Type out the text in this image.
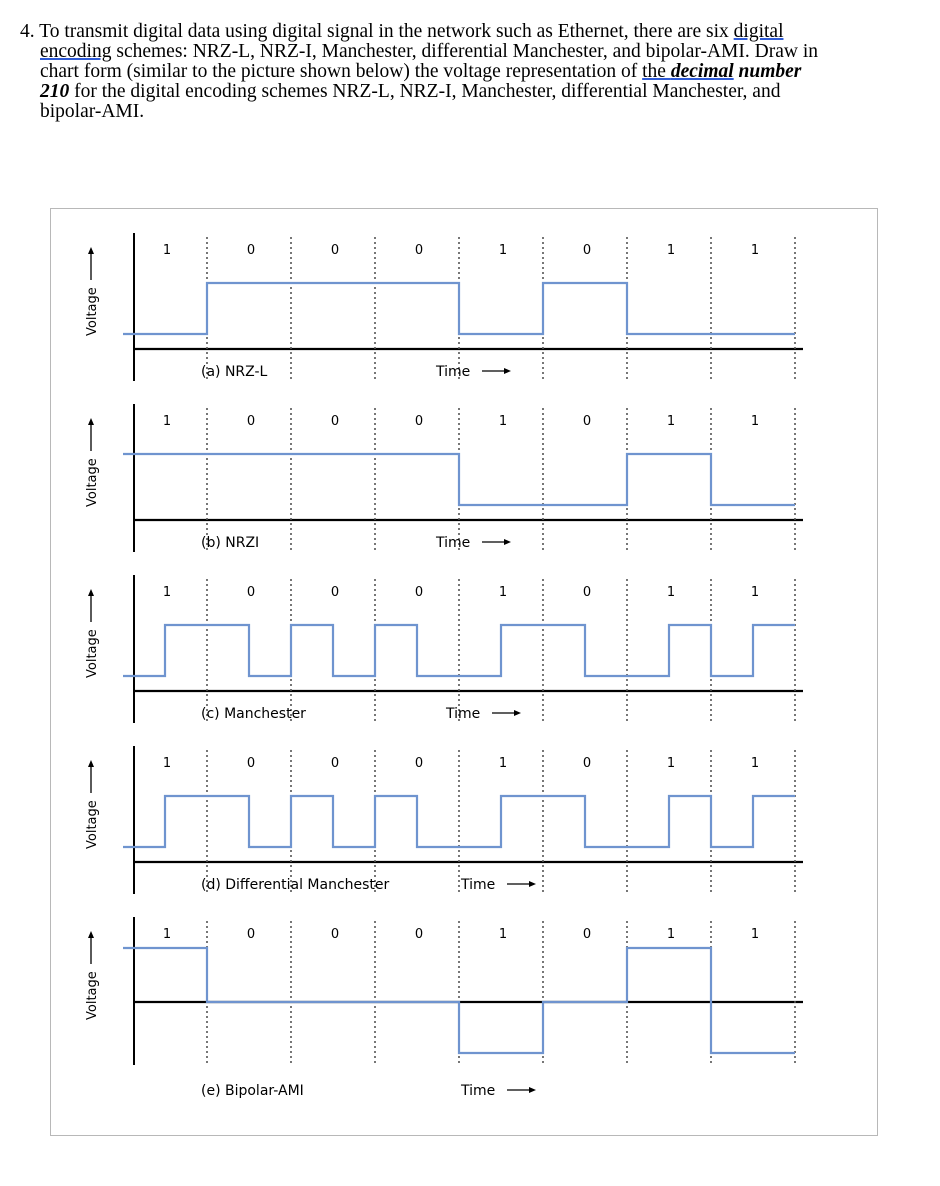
4. To transmit digital data using digital signal in the network such as Ethernet, there are six digital
encoding schemes: NRZ-L, NRZ-I, Manchester, differential Manchester, and bipolar-AMI. Draw in
chart form (similar to the picture shown below) the voltage representation of the decimal number
210 for the digital encoding schemes NRZ-L, NRZ-I, Manchester, differential Manchester, and
bipolar-AMI.
1	0	0	0	1	0	1	1
Voltage
(a) NRZ-L	Time
1	0	0	0	1	0	1	1
Voltage
(b) NRZI	Time
1	0	0	0	1	0	1	1
Voltage
(c) Manchester	Time
1	0	0	0	1	0	1	1
Voltage
(d) Differential Manchester	Time
1	0	0	0	1	0	1	1
Voltage
(e) Bipolar-AMI	Time
